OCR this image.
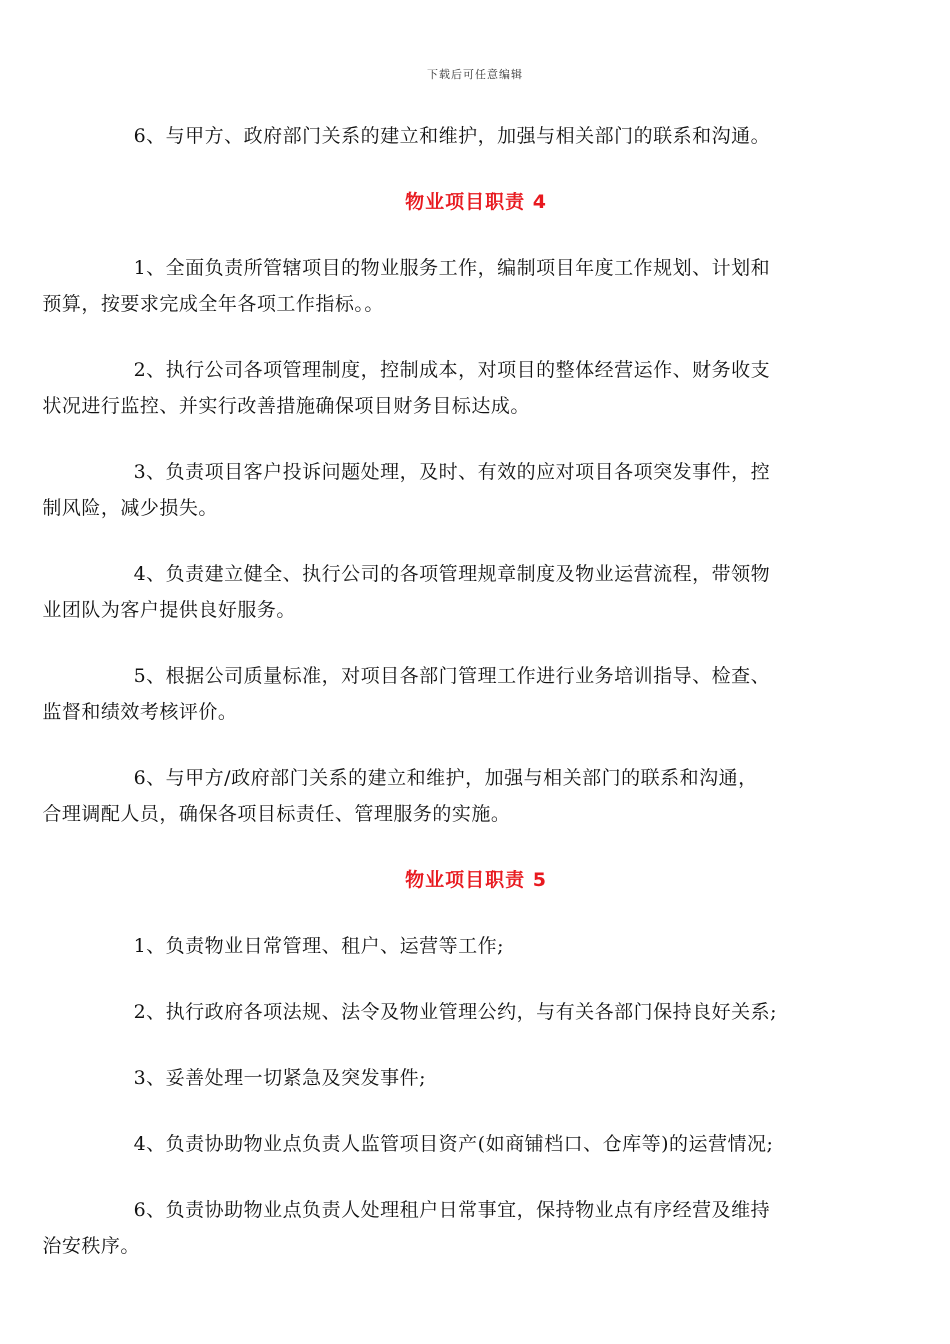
下载后可任意编辑

6、与甲方、政府部门关系的建立和维护，加强与相关部门的联系和沟通。

物业项目职责 4

1、全面负责所管辖项目的物业服务工作，编制项目年度工作规划、计划和
预算，按要求完成全年各项工作指标。。

2、执行公司各项管理制度，控制成本，对项目的整体经营运作、财务收支
状况进行监控、并实行改善措施确保项目财务目标达成。

3、负责项目客户投诉问题处理，及时、有效的应对项目各项突发事件，控
制风险，减少损失。

4、负责建立健全、执行公司的各项管理规章制度及物业运营流程，带领物
业团队为客户提供良好服务。

5、根据公司质量标准，对项目各部门管理工作进行业务培训指导、检查、
监督和绩效考核评价。

6、与甲方/政府部门关系的建立和维护，加强与相关部门的联系和沟通，
合理调配人员，确保各项目标责任、管理服务的实施。

物业项目职责 5

1、负责物业日常管理、租户、运营等工作;

2、执行政府各项法规、法令及物业管理公约，与有关各部门保持良好关系;

3、妥善处理一切紧急及突发事件;

4、负责协助物业点负责人监管项目资产(如商铺档口、仓库等)的运营情况;

6、负责协助物业点负责人处理租户日常事宜，保持物业点有序经营及维持
治安秩序。
